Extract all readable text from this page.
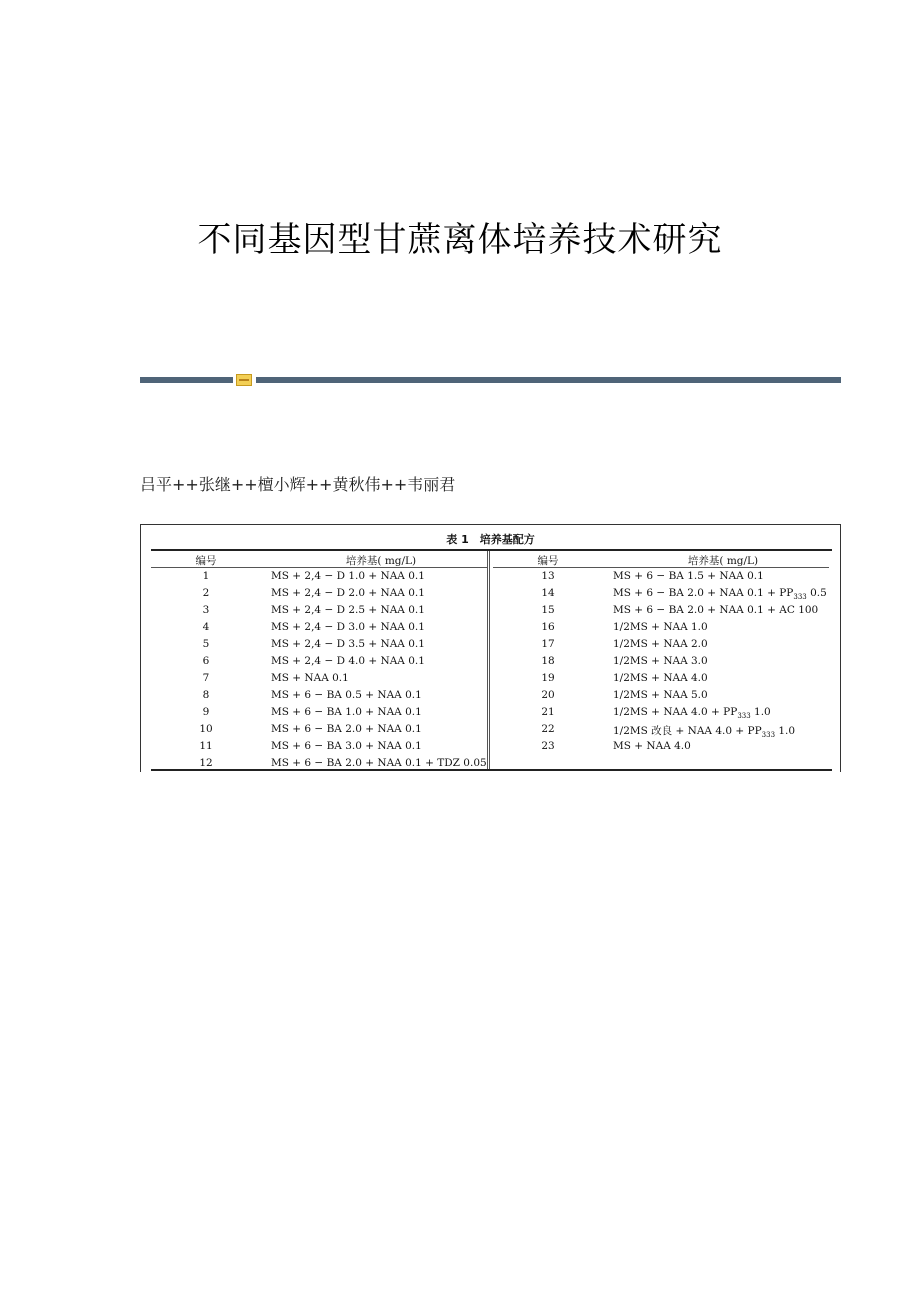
不同基因型甘蔗离体培养技术研究
吕平++张继++檀小辉++黄秋伟++韦丽君
表 1　培养基配方
编号	培养基( mg/L)
1	MS + 2,4 − D 1.0 + NAA 0.1
2	MS + 2,4 − D 2.0 + NAA 0.1
3	MS + 2,4 − D 2.5 + NAA 0.1
4	MS + 2,4 − D 3.0 + NAA 0.1
5	MS + 2,4 − D 3.5 + NAA 0.1
6	MS + 2,4 − D 4.0 + NAA 0.1
7	MS + NAA 0.1
8	MS + 6 − BA 0.5 + NAA 0.1
9	MS + 6 − BA 1.0 + NAA 0.1
10	MS + 6 − BA 2.0 + NAA 0.1
11	MS + 6 − BA 3.0 + NAA 0.1
12	MS + 6 − BA 2.0 + NAA 0.1 + TDZ 0.05
编号	培养基( mg/L)
13	MS + 6 − BA 1.5 + NAA 0.1
14	MS + 6 − BA 2.0 + NAA $0.1 + PP_{333}$ 0.5
15	MS + 6 − BA 2.0 + NAA 0.1 + AC 100
16	1/2MS + NAA 1.0
17	1/2MS + NAA 2.0
18	1/2MS + NAA 3.0
19	1/2MS + NAA 4.0
20	1/2MS + NAA 5.0
21	1/2MS + NAA $4.0 + PP_{333}$ 1.0
22	1/2MS 改良 + NAA $4.0 + PP_{333}$ 1.0
23	MS + NAA 4.0
